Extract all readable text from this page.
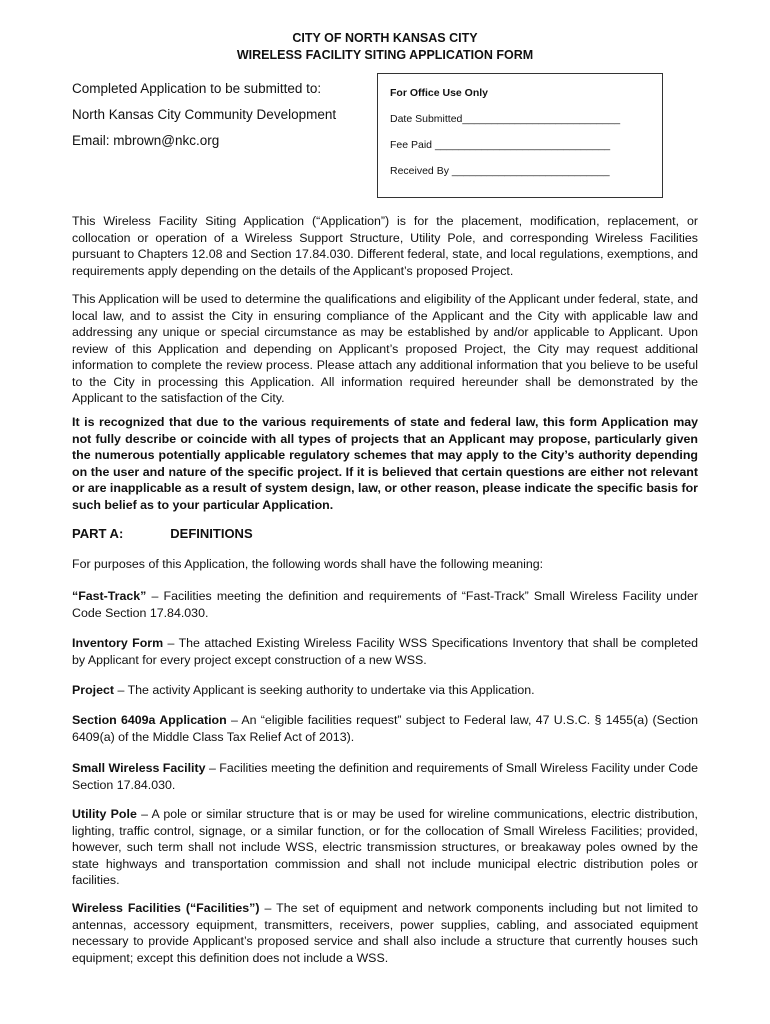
CITY OF NORTH KANSAS CITY
WIRELESS FACILITY SITING APPLICATION FORM
Completed Application to be submitted to:
North Kansas City Community Development
Email: mbrown@nkc.org
For Office Use Only
Date Submitted___________________________
Fee Paid ______________________________
Received By ___________________________

This Wireless Facility Siting Application (“Application”) is for the placement, modification, replacement, or collocation or operation of a Wireless Support Structure, Utility Pole, and corresponding Wireless Facilities pursuant to Chapters 12.08 and Section 17.84.030. Different federal, state, and local regulations, exemptions, and requirements apply depending on the details of the Applicant’s proposed Project.

This Application will be used to determine the qualifications and eligibility of the Applicant under federal, state, and local law, and to assist the City in ensuring compliance of the Applicant and the City with applicable law and addressing any unique or special circumstance as may be established by and/or applicable to Applicant. Upon review of this Application and depending on Applicant’s proposed Project, the City may request additional information to complete the review process. Please attach any additional information that you believe to be useful to the City in processing this Application. All information required hereunder shall be demonstrated by the Applicant to the satisfaction of the City.

It is recognized that due to the various requirements of state and federal law, this form Application may not fully describe or coincide with all types of projects that an Applicant may propose, particularly given the numerous potentially applicable regulatory schemes that may apply to the City’s authority depending on the user and nature of the specific project. If it is believed that certain questions are either not relevant or are inapplicable as a result of system design, law, or other reason, please indicate the specific basis for such belief as to your particular Application.

PART A:	DEFINITIONS

For purposes of this Application, the following words shall have the following meaning:

“Fast-Track” – Facilities meeting the definition and requirements of “Fast-Track” Small Wireless Facility under Code Section 17.84.030.

Inventory Form – The attached Existing Wireless Facility WSS Specifications Inventory that shall be completed by Applicant for every project except construction of a new WSS.

Project – The activity Applicant is seeking authority to undertake via this Application.

Section 6409a Application – An “eligible facilities request” subject to Federal law, 47 U.S.C. § 1455(a) (Section 6409(a) of the Middle Class Tax Relief Act of 2013).

Small Wireless Facility – Facilities meeting the definition and requirements of Small Wireless Facility under Code Section 17.84.030.

Utility Pole – A pole or similar structure that is or may be used for wireline communications, electric distribution, lighting, traffic control, signage, or a similar function, or for the collocation of Small Wireless Facilities; provided, however, such term shall not include WSS, electric transmission structures, or breakaway poles owned by the state highways and transportation commission and shall not include municipal electric distribution poles or facilities.

Wireless Facilities (“Facilities”) – The set of equipment and network components including but not limited to antennas, accessory equipment, transmitters, receivers, power supplies, cabling, and associated equipment necessary to provide Applicant’s proposed service and shall also include a structure that currently houses such equipment; except this definition does not include a WSS.
